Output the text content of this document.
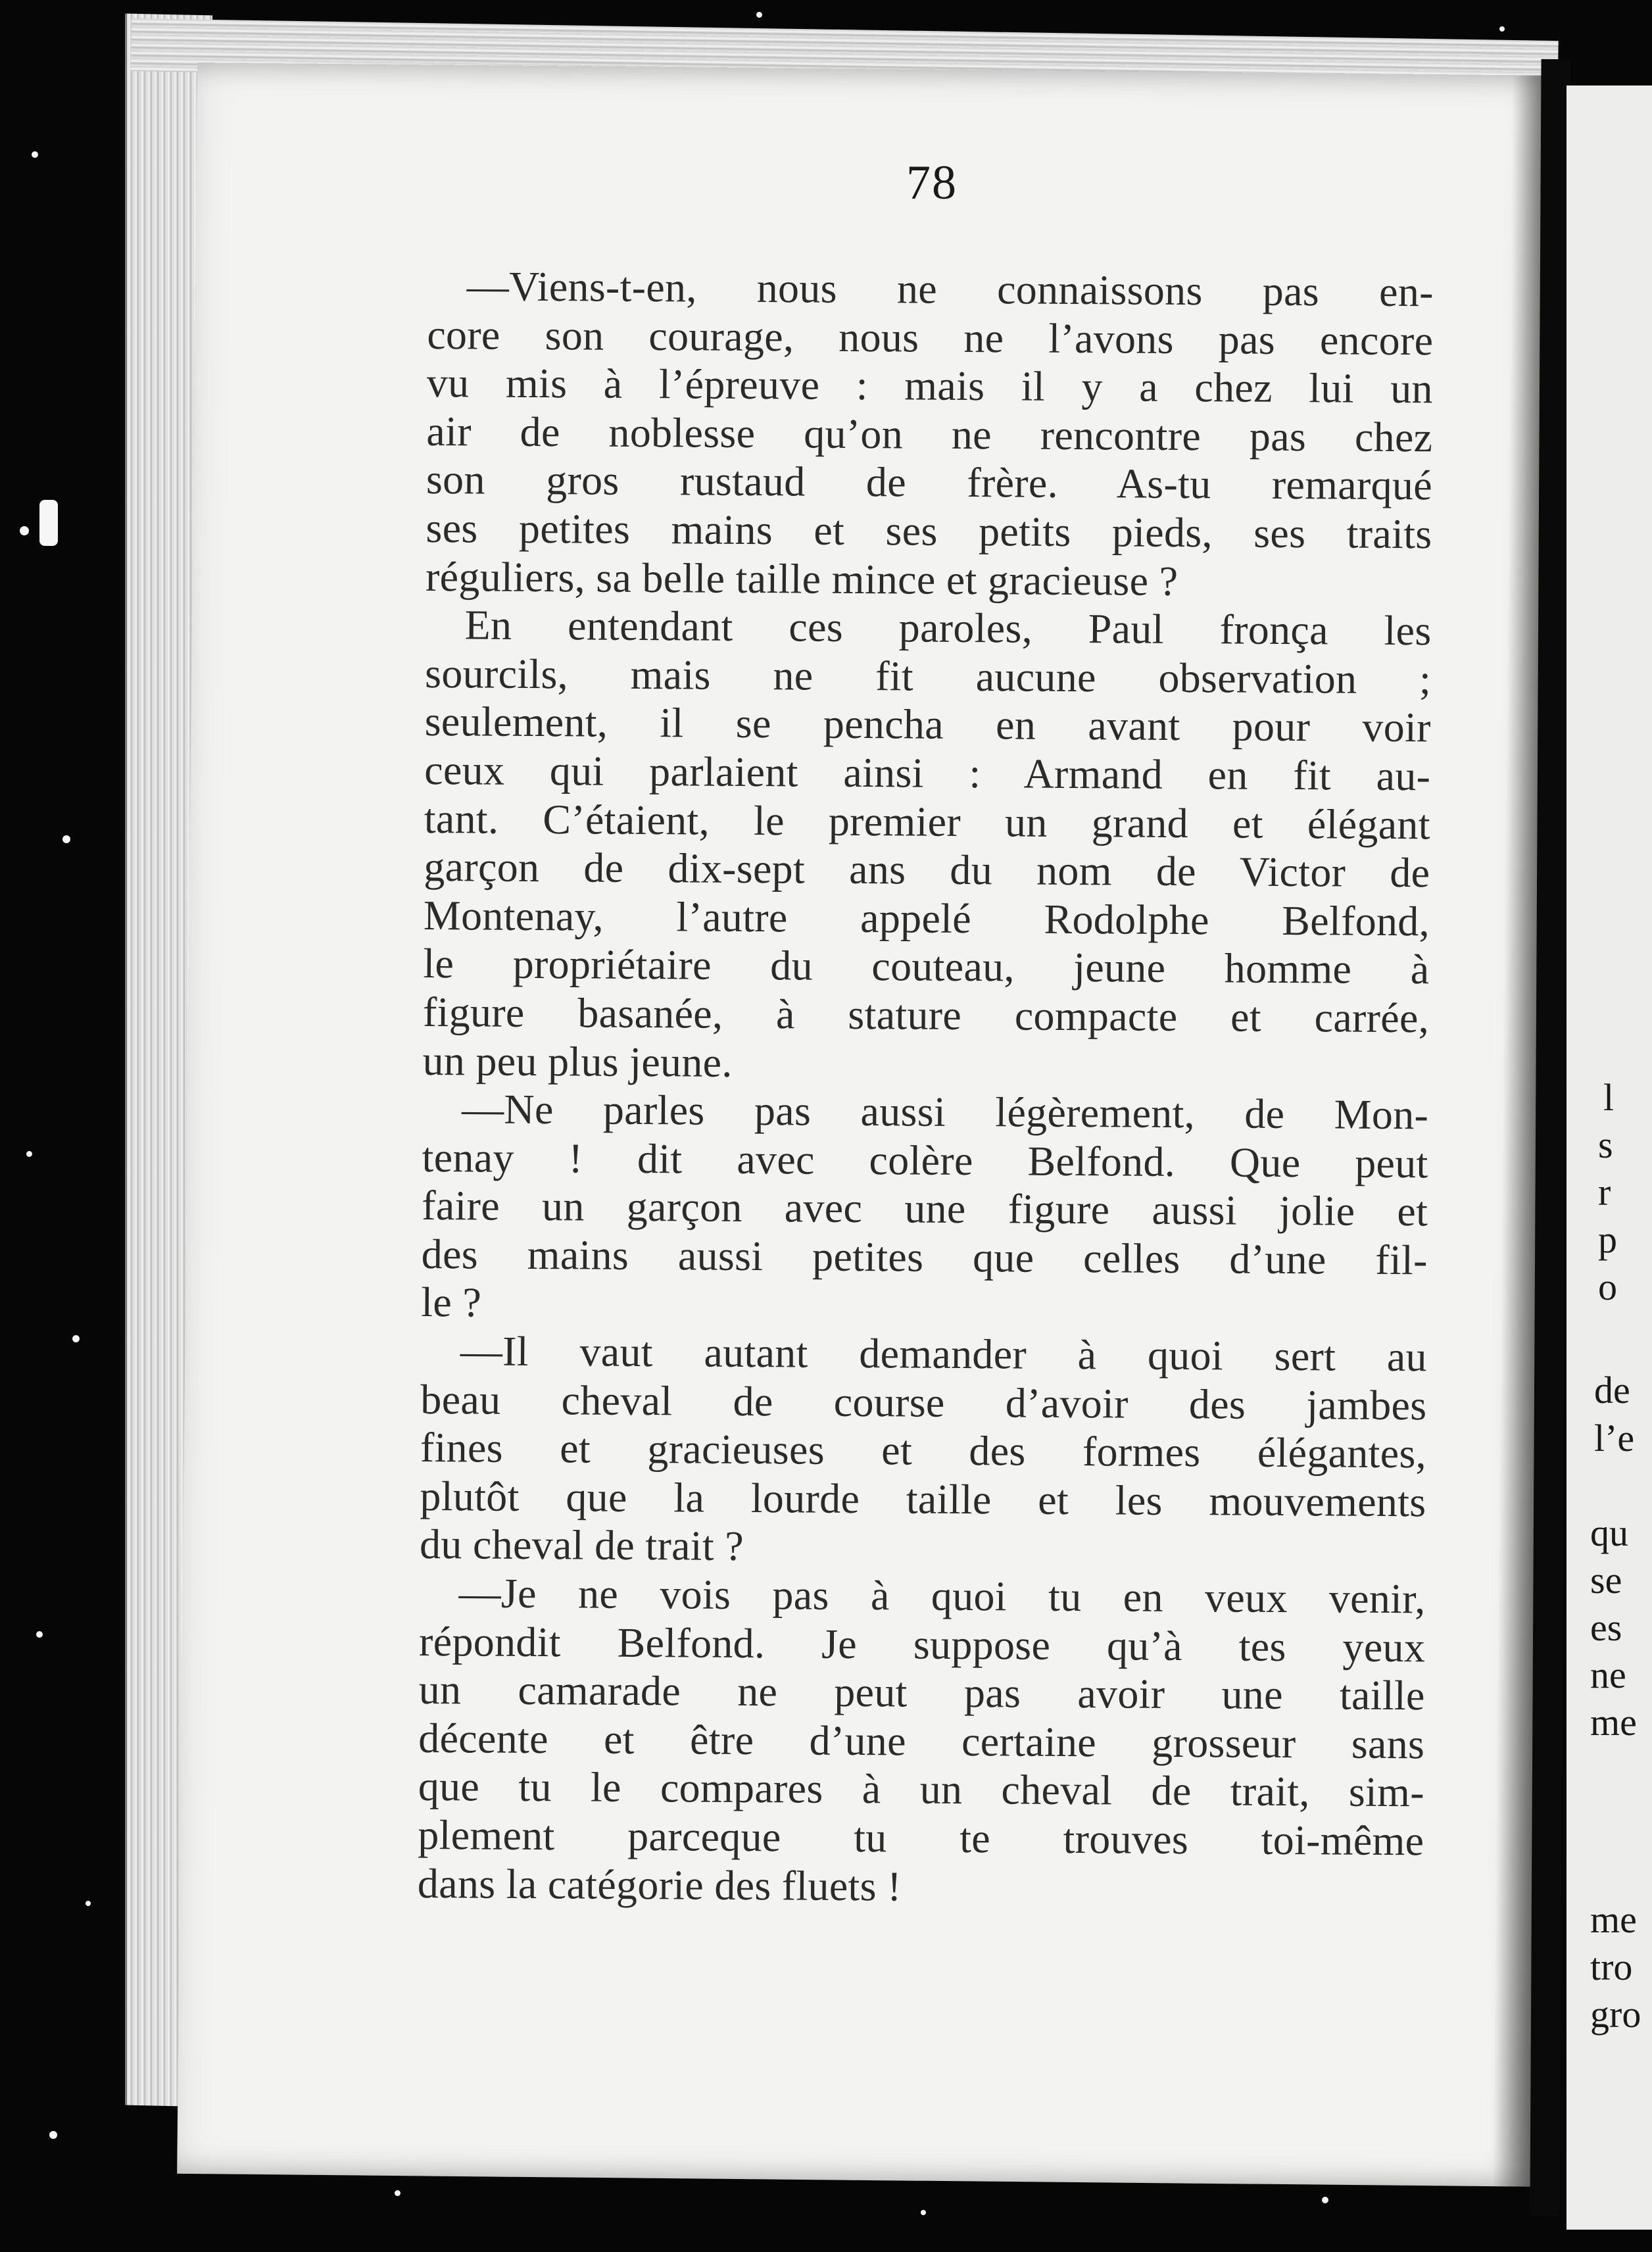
l
s
r
p
o
de
l’e
qu
se
es
ne
me
me
tro
gro
78
—Viens-t-en, nous ne connaissons pas en-
core son courage, nous ne l’avons pas encore
vu mis à l’épreuve : mais il y a chez lui un
air de noblesse qu’on ne rencontre pas chez
son gros rustaud de frère. As-tu remarqué
ses petites mains et ses petits pieds, ses traits
réguliers, sa belle taille mince et gracieuse ?
En entendant ces paroles, Paul fronça les
sourcils, mais ne fit aucune observation ;
seulement, il se pencha en avant pour voir
ceux qui parlaient ainsi : Armand en fit au-
tant. C’étaient, le premier un grand et élégant
garçon de dix-sept ans du nom de Victor de
Montenay, l’autre appelé Rodolphe Belfond,
le propriétaire du couteau, jeune homme à
figure basanée, à stature compacte et carrée,
un peu plus jeune.
—Ne parles pas aussi légèrement, de Mon-
tenay ! dit avec colère Belfond. Que peut
faire un garçon avec une figure aussi jolie et
des mains aussi petites que celles d’une fil-
le ?
—Il vaut autant demander à quoi sert au
beau cheval de course d’avoir des jambes
fines et gracieuses et des formes élégantes,
plutôt que la lourde taille et les mouvements
du cheval de trait ?
—Je ne vois pas à quoi tu en veux venir,
répondit Belfond. Je suppose qu’à tes yeux
un camarade ne peut pas avoir une taille
décente et être d’une certaine grosseur sans
que tu le compares à un cheval de trait, sim-
plement parceque tu te trouves toi-même
dans la catégorie des fluets !
